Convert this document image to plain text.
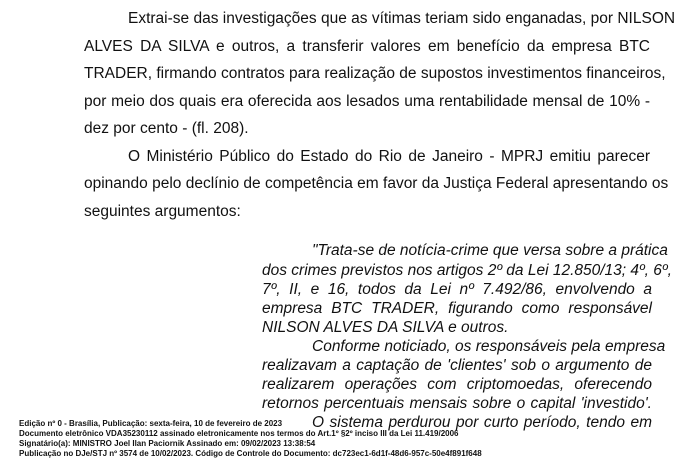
Extrai-se das investigações que as vítimas teriam sido enganadas, por NILSON
ALVES DA SILVA e outros, a transferir valores em benefício da empresa BTC
TRADER, firmando contratos para realização de supostos investimentos financeiros,
por meio dos quais era oferecida aos lesados uma rentabilidade mensal de 10% -
dez por cento - (fl. 208).
O Ministério Público do Estado do Rio de Janeiro - MPRJ emitiu parecer
opinando pelo declínio de competência em favor da Justiça Federal apresentando os
seguintes argumentos:
"Trata-se de notícia-crime que versa sobre a prática
dos crimes previstos nos artigos 2º da Lei 12.850/13; 4º, 6º,
7º, II, e 16, todos da Lei nº 7.492/86, envolvendo a
empresa BTC TRADER, figurando como responsável
NILSON ALVES DA SILVA e outros.
Conforme noticiado, os responsáveis pela empresa
realizavam a captação de 'clientes' sob o argumento de
realizarem operações com criptomoedas, oferecendo
retornos percentuais mensais sobre o capital 'investido'.
O sistema perdurou por curto período, tendo em
Edição nº 0 - Brasília, Publicação: sexta-feira, 10 de fevereiro de 2023
Documento eletrônico VDA35230112 assinado eletronicamente nos termos do Art.1º §2º inciso III da Lei 11.419/2006
Signatário(a): MINISTRO Joel Ilan Paciornik Assinado em: 09/02/2023 13:38:54
Publicação no DJe/STJ nº 3574 de 10/02/2023. Código de Controle do Documento: dc723ec1-6d1f-48d6-957c-50e4f891f648
